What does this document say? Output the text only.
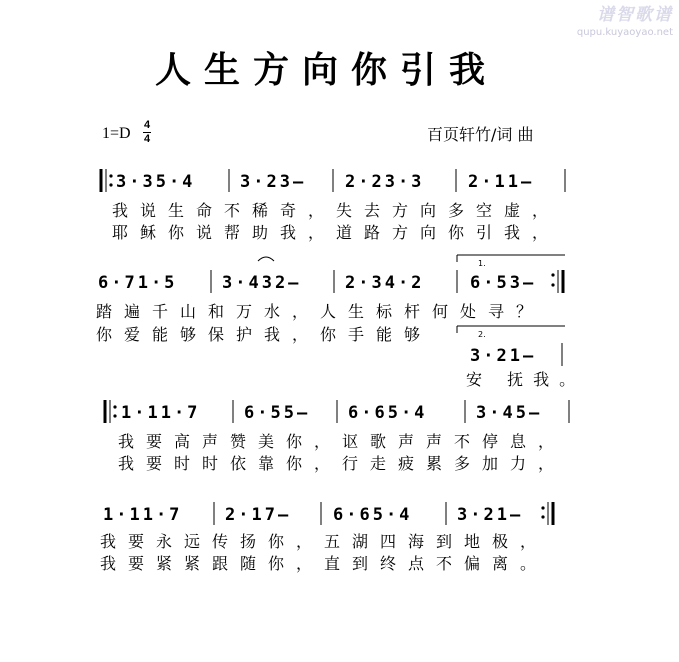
谱智歌谱
qupu.kuyaoyao.net
人生方向你引我
1=D 4
4	百页轩竹/词 曲
3·35·4	3·23– 2·23·3	2·11–
我说生命不稀奇，失去方向多空虚，
耶稣你说帮助我，道路方向你引我，
6·71·5	3·432–	2·34·2
1.
6·53–
踏遍千山和万水，人生标杆何处寻？
你爱能够保护我，你手能够	2.
3·21–
安 抚我。
1·11·7	6·55– 6·65·4	3·45–
我要高声赞美你，讴歌声声不停息，
我要时时依靠你，行走疲累多加力，
1·11·7	2·17– 6·65·4	3·21–
我要永远传扬你，五湖四海到地极，
我要紧紧跟随你，直到终点不偏离。
